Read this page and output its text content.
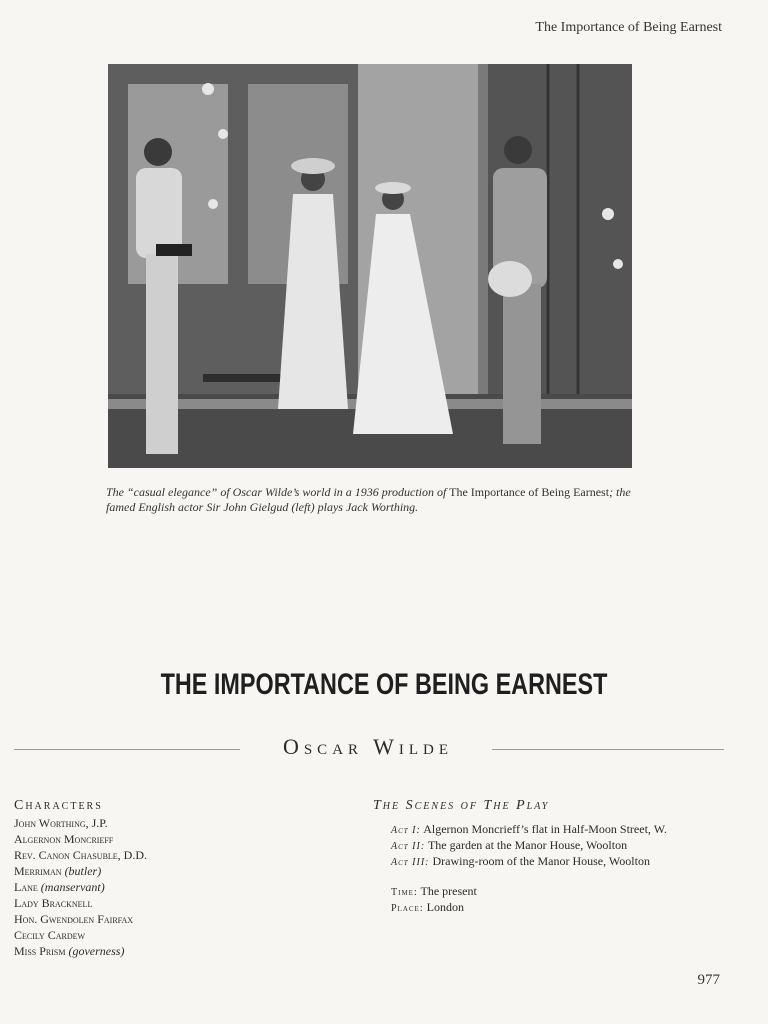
The Importance of Being Earnest
The “casual elegance” of Oscar Wilde’s world in a 1936 production of The Importance of Being Earnest; the famed English actor Sir John Gielgud (left) plays Jack Worthing.
THE IMPORTANCE OF BEING EARNEST
Oscar Wilde
Characters
John Worthing, J.P.
Algernon Moncrieff
Rev. Canon Chasuble, D.D.
Merriman (butler)
Lane (manservant)
Lady Bracknell
Hon. Gwendolen Fairfax
Cecily Cardew
Miss Prism (governess)
The Scenes of The Play
Act I: Algernon Moncrieff’s flat in Half-Moon Street, W.
Act II: The garden at the Manor House, Woolton
Act III: Drawing-room of the Manor House, Woolton
Time: The present
Place: London
977
